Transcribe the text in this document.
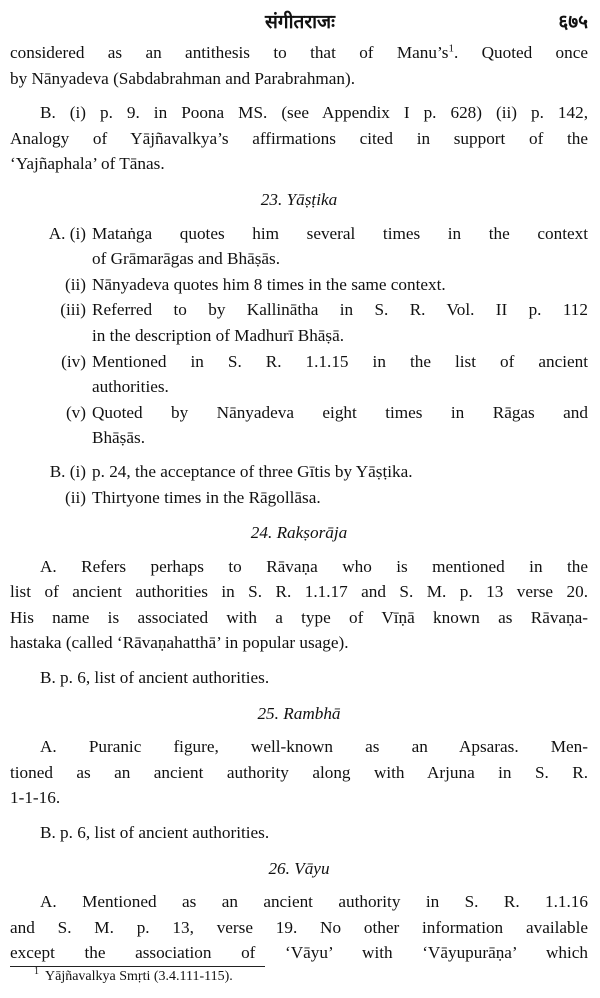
संगीतराजः	६७५
considered as an antithesis to that of $Manu’s^1$. Quoted once
by Nānyadeva (Sabdabrahman and Parabrahman).
B. (i) p. 9. in Poona MS. (see Appendix I p. 628) (ii) p. 142,
Analogy of Yājñavalkya’s affirmations cited in support of the
‘Yajñaphala’ of Tānas.
23. Yāṣṭika
A. (i) Mataṅga quotes him several times in the context
of Grāmarāgas and Bhāṣās.
(ii) Nānyadeva quotes him 8 times in the same context.
(iii) Referred to by Kallinātha in S. R. Vol. II p. 112
in the description of Madhurī Bhāṣā.
(iv) Mentioned in S. R. 1.1.15 in the list of ancient
authorities.
(v) Quoted by Nānyadeva eight times in Rāgas and
Bhāṣās.
B. (i) p. 24, the acceptance of three Gītis by Yāṣṭika.
(ii) Thirtyone times in the Rāgollāsa.
24. Rakṣorāja
A. Refers perhaps to Rāvaṇa who is mentioned in the
list of ancient authorities in S. R. 1.1.17 and S. M. p. 13 verse 20.
His name is associated with a type of Vīṇā known as Rāvaṇa-
hastaka (called ‘Rāvaṇahatthā’ in popular usage).
B. p. 6, list of ancient authorities.
25. Rambhā
A. Puranic figure, well-known as an Apsaras. Men-
tioned as an ancient authority along with Arjuna in S. R.
1-1-16.
B. p. 6, list of ancient authorities.
26. Vāyu
A. Mentioned as an ancient authority in S. R. 1.1.16
and S. M. p. 13, verse 19. No other information available
except the association of ‘Vāyu’ with ‘Vāyupurāṇa’ which
$^1$ Yājñavalkya Smṛti (3.4.111-115).
